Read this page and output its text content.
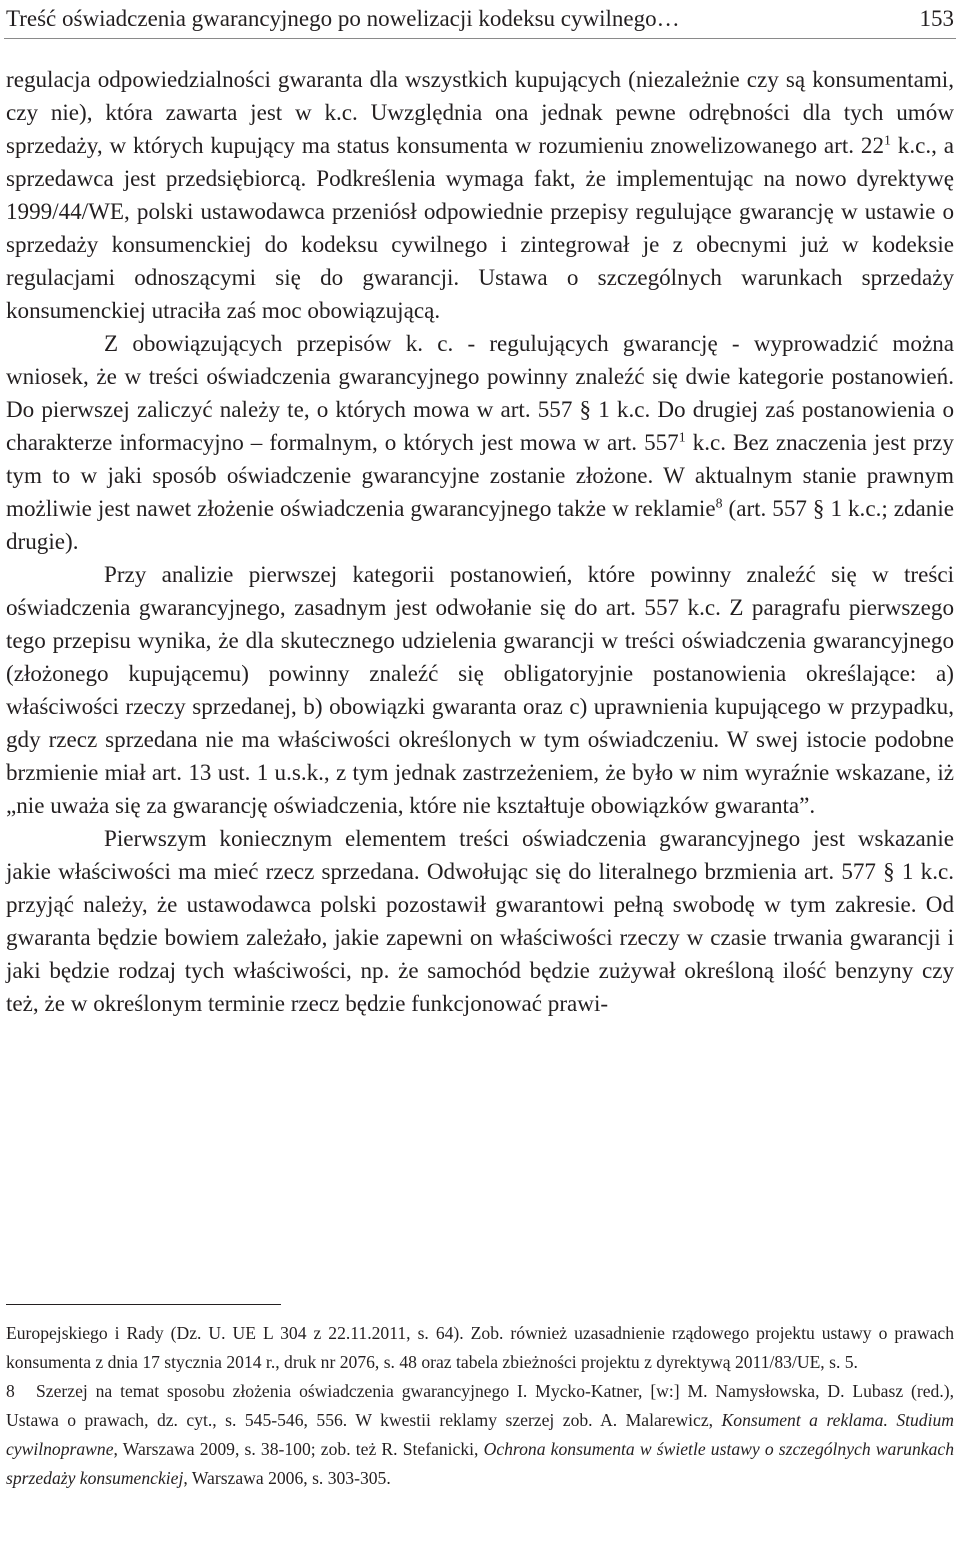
Treść oświadczenia gwarancyjnego po nowelizacji kodeksu cywilnego…	153

regulacja odpowiedzialności gwaranta dla wszystkich kupujących (niezależnie czy są konsumentami, czy nie), która zawarta jest w k.c. Uwzględnia ona jednak pewne odrębności dla tych umów sprzedaży, w których kupujący ma status konsumenta w rozumieniu znowelizowanego art. $22^1$ k.c., a sprzedawca jest przedsiębiorcą. Podkreślenia wymaga fakt, że implementując na nowo dyrektywę 1999/44/WE, polski ustawodawca przeniósł odpowiednie przepisy regulujące gwarancję w ustawie o sprzedaży konsumenckiej do kodeksu cywilnego i zintegrował je z obecnymi już w kodeksie regulacjami odnoszącymi się do gwarancji. Ustawa o szczególnych warunkach sprzedaży konsumenckiej utraciła zaś moc obowiązującą.

Z obowiązujących przepisów k. c. - regulujących gwarancję - wyprowadzić można wniosek, że w treści oświadczenia gwarancyjnego powinny znaleźć się dwie kategorie postanowień. Do pierwszej zaliczyć należy te, o których mowa w art. 557 § 1 k.c. Do drugiej zaś postanowienia o charakterze informacyjno – formalnym, o których jest mowa w art. $557^1$ k.c. Bez znaczenia jest przy tym to w jaki sposób oświadczenie gwarancyjne zostanie złożone. W aktualnym stanie prawnym możliwie jest nawet złożenie oświadczenia gwarancyjnego także w reklamie$^8$ (art. 557 § 1 k.c.; zdanie drugie).

Przy analizie pierwszej kategorii postanowień, które powinny znaleźć się w treści oświadczenia gwarancyjnego, zasadnym jest odwołanie się do art. 557 k.c. Z paragrafu pierwszego tego przepisu wynika, że dla skutecznego udzielenia gwarancji w treści oświadczenia gwarancyjnego (złożonego kupującemu) powinny znaleźć się obligatoryjnie postanowienia określające: a) właściwości rzeczy sprzedanej, b) obowiązki gwaranta oraz c) uprawnienia kupującego w przypadku, gdy rzecz sprzedana nie ma właściwości określonych w tym oświadczeniu. W swej istocie podobne brzmienie miał art. 13 ust. 1 u.s.k., z tym jednak zastrzeżeniem, że było w nim wyraźnie wskazane, iż „nie uważa się za gwarancję oświadczenia, które nie kształtuje obowiązków gwaranta”.

Pierwszym koniecznym elementem treści oświadczenia gwarancyjnego jest wskazanie jakie właściwości ma mieć rzecz sprzedana. Odwołując się do literalnego brzmienia art. 577 § 1 k.c. przyjąć należy, że ustawodawca polski pozostawił gwarantowi pełną swobodę w tym zakresie. Od gwaranta będzie bowiem zależało, jakie zapewni on właściwości rzeczy w czasie trwania gwarancji i jaki będzie rodzaj tych właściwości, np. że samochód będzie zużywał określoną ilość benzyny czy też, że w określonym terminie rzecz będzie funkcjonować prawi-

Europejskiego i Rady (Dz. U. UE L 304 z 22.11.2011, s. 64). Zob. również uzasadnienie rządowego projektu ustawy o prawach konsumenta z dnia 17 stycznia 2014 r., druk nr 2076, s. 48 oraz tabela zbieżności projektu z dyrektywą 2011/83/UE, s. 5.

8 Szerzej na temat sposobu złożenia oświadczenia gwarancyjnego I. Mycko-Katner, [w:] M. Namysłowska, D. Lubasz (red.), Ustawa o prawach, dz. cyt., s. 545-546, 556. W kwestii reklamy szerzej zob. A. Malarewicz, Konsument a reklama. Studium cywilnoprawne, Warszawa 2009, s. 38-100; zob. też R. Stefanicki, Ochrona konsumenta w świetle ustawy o szczególnych warunkach sprzedaży konsumenckiej, Warszawa 2006, s. 303-305.
